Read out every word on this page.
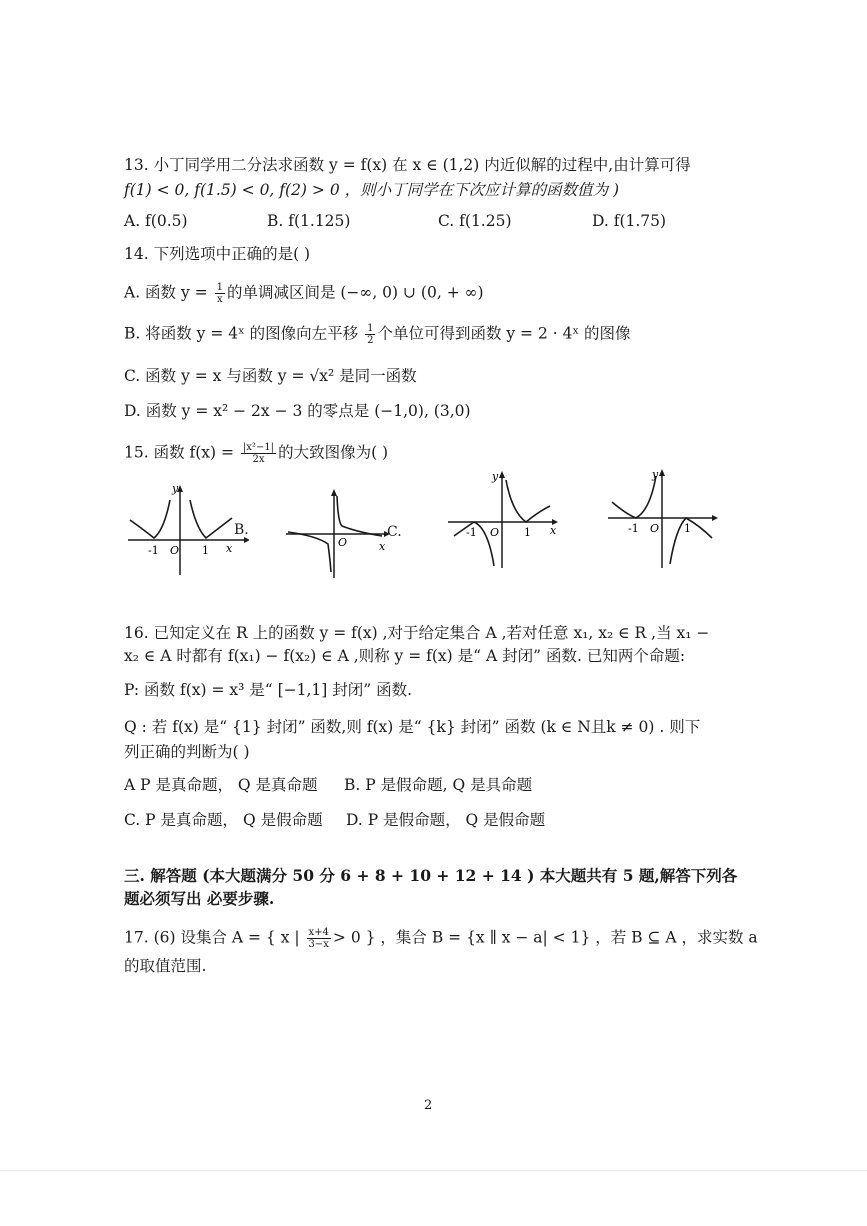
13. 小丁同学用二分法求函数 y = f(x) 在 x ∈ (1,2) 内近似解的过程中,由计算可得
f(1) < 0, f(1.5) < 0, f(2) > 0 ，则小丁同学在下次应计算的函数值为 )
A. f(0.5)	B. f(1.125)	C. f(1.25)	D. f(1.75)
14. 下列选项中正确的是( )
A. 函数 $y = \frac{1}{x}$ 的单调减区间是 (−∞, 0) ∪ (0, + ∞)
B. 将函数 y = 4ˣ 的图像向左平移 $\frac{1}{2}$ 个单位可得到函数 y = 2 · 4ˣ 的图像
C. 函数 y = x 与函数 y = √x² 是同一函数
D. 函数 y = x² − 2x − 3 的零点是 (−1,0), (3,0)
15. 函数 $f(x) = \frac{\text{|x²−1|}}{2x}$ 的大致图像为( )
-1 O 1 x
y
B.
O	x
C.	-1 O 1 x
y
-1 O 1
y
16. 已知定义在 R 上的函数 y = f(x) ,对于给定集合 A ,若对任意 x₁, x₂ ∈ R ,当 x₁ −
x₂ ∈ A 时都有 f(x₁) − f(x₂) ∈ A ,则称 y = f(x) 是“ A 封闭” 函数. 已知两个命题:
P: 函数 f(x) = x³ 是“ [−1,1] 封闭” 函数.
Q : 若 f(x) 是“ {1} 封闭” 函数,则 f(x) 是“ {k} 封闭” 函数 (k ∈ N且k ≠ 0) . 则下
列正确的判断为( )
A P 是真命题， Q 是真命题 B. P 是假命题, Q 是具命题
C. P 是真命题， Q 是假命题 D. P 是假命题， Q 是假命题
三. 解答题 (本大题满分 50 分 6 + 8 + 10 + 12 + 14 ) 本大题共有 5 题,解答下列各
题必须写出 必要步骤.
17. (6) 设集合 A = { x | $\frac{x+4}{3-x} > 0$ } ，集合 B = {x ∥ x − a| < 1} ，若 B ⊆ A ，求实数 a
的取值范围.
2
